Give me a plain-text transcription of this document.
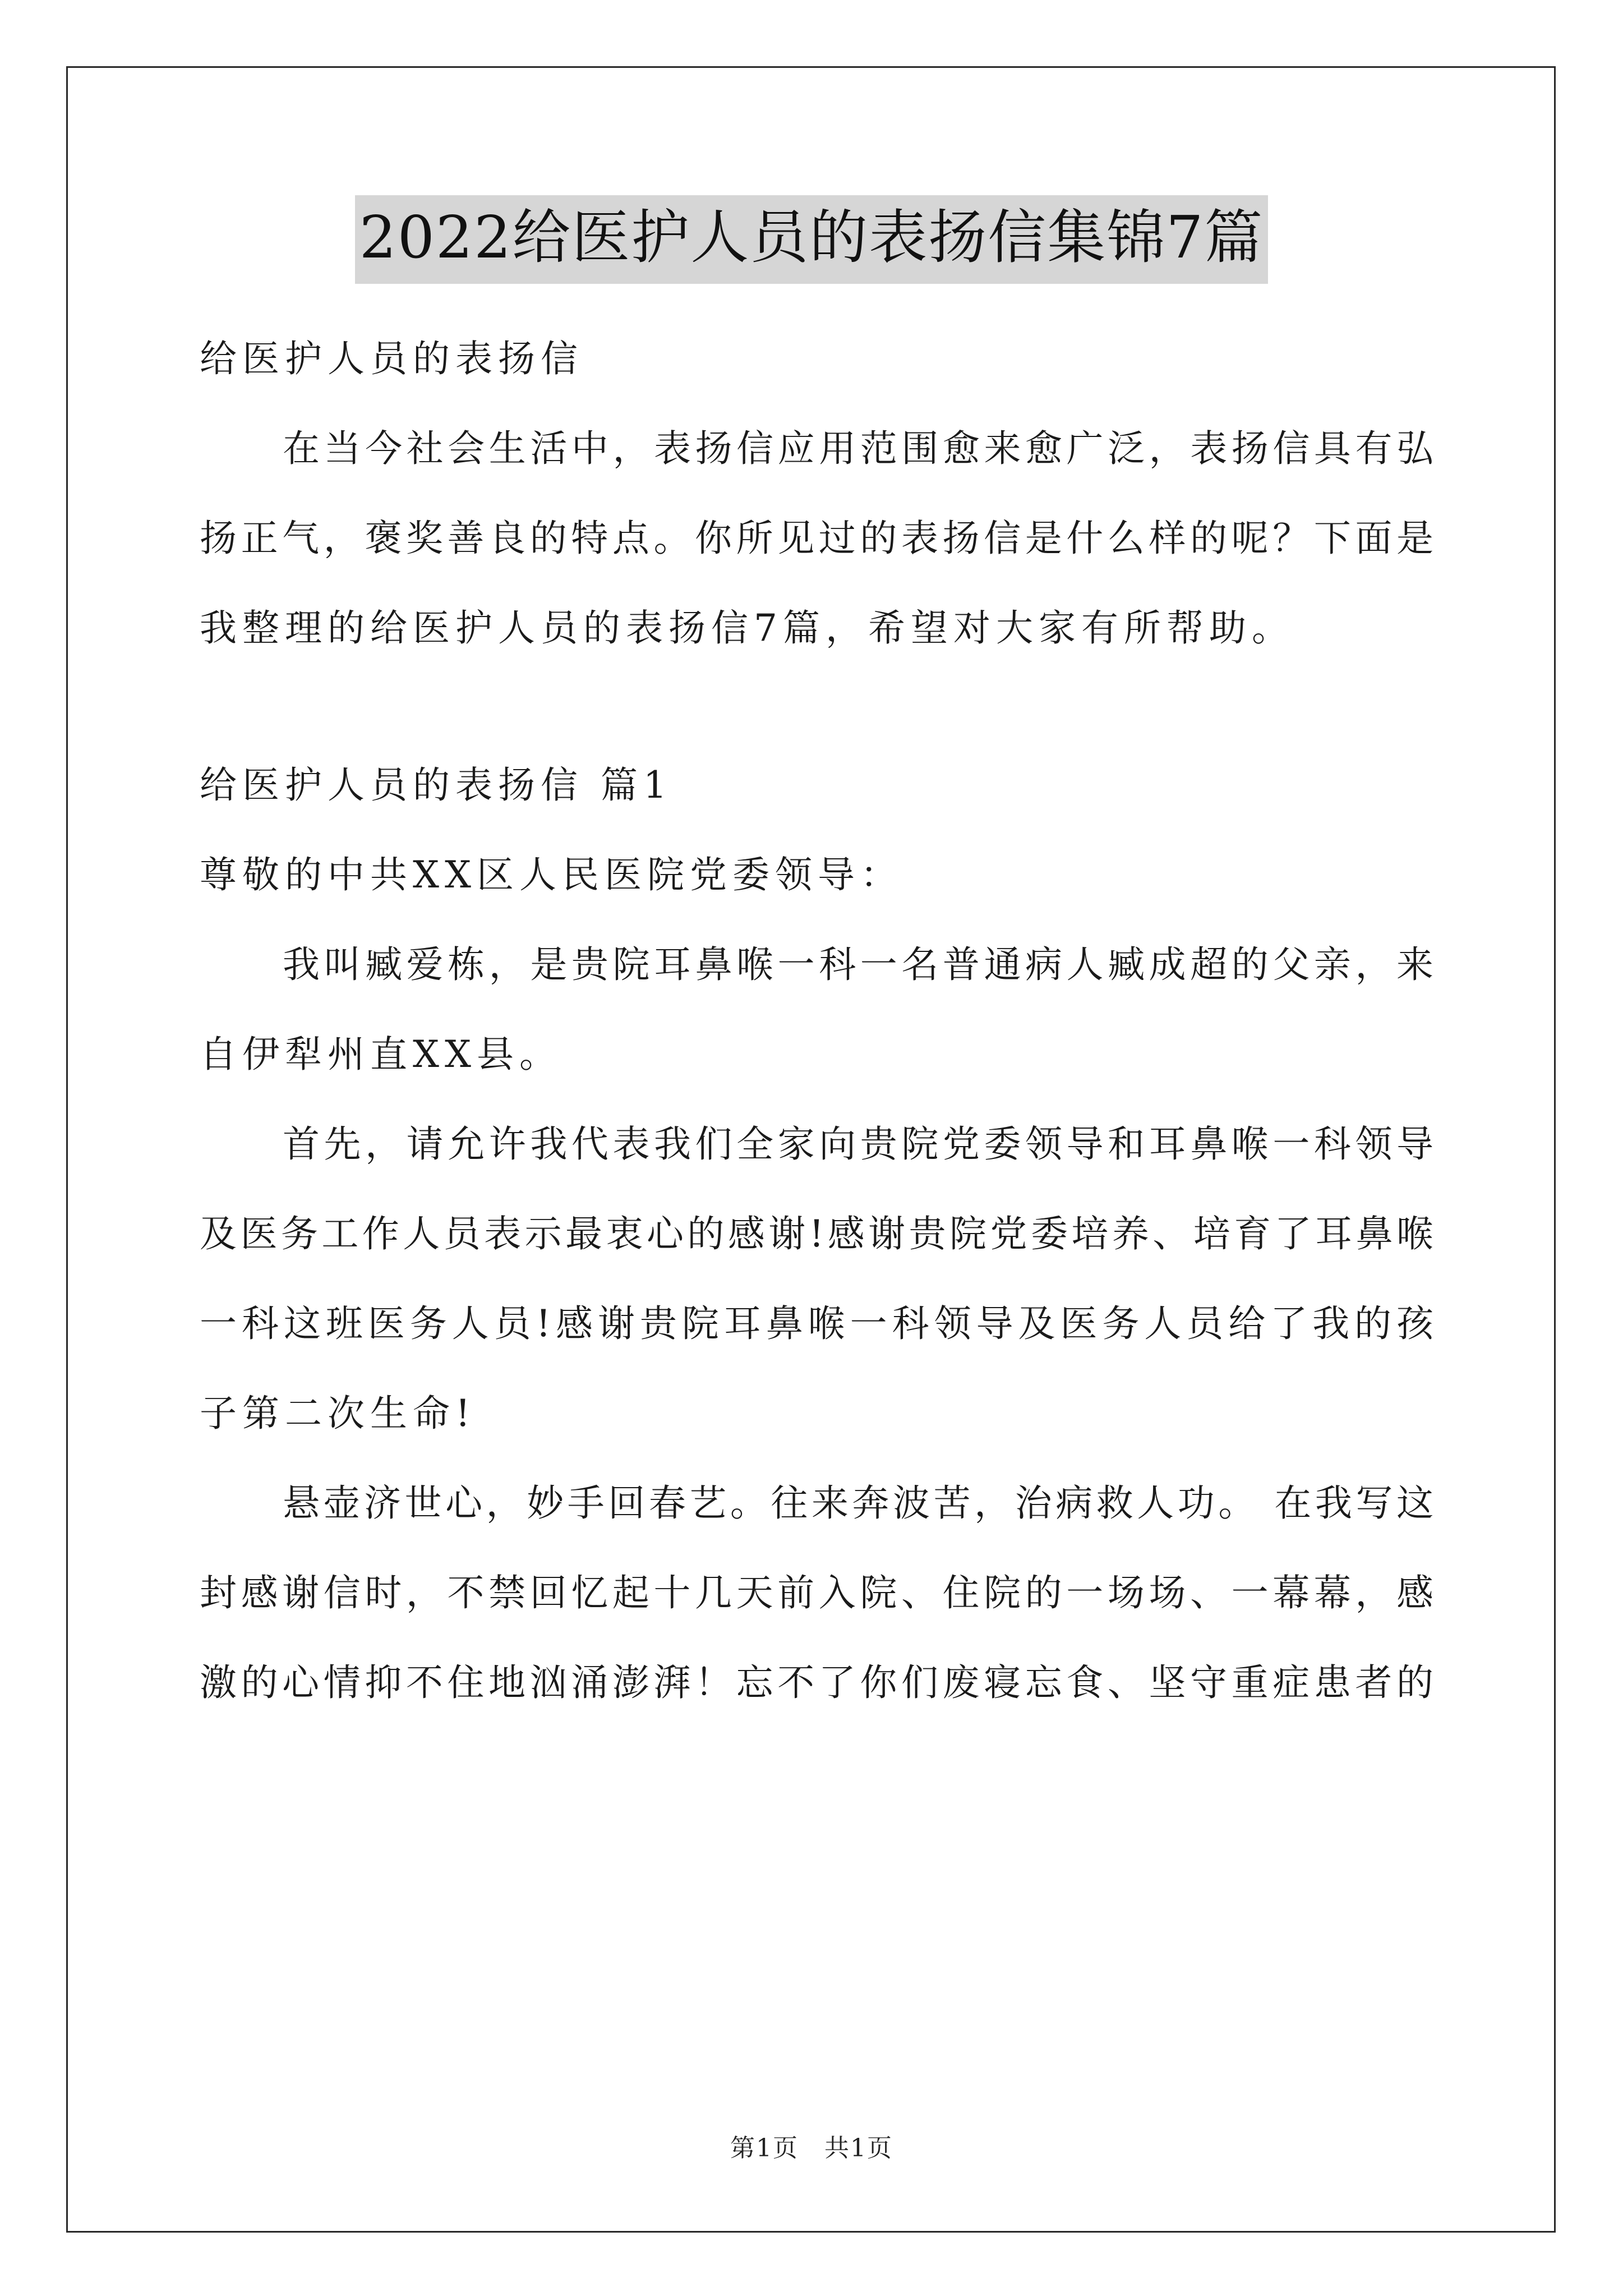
2022给医护人员的表扬信集锦7篇
给医护人员的表扬信
在当今社会生活中，表扬信应用范围愈来愈广泛，表扬信具有弘
扬正气，褒奖善良的特点。你所见过的表扬信是什么样的呢？下面是
我整理的给医护人员的表扬信7篇，希望对大家有所帮助。
给医护人员的表扬信 篇1
尊敬的中共XX区人民医院党委领导：
我叫臧爱栋，是贵院耳鼻喉一科一名普通病人臧成超的父亲，来
自伊犁州直XX县。
首先，请允许我代表我们全家向贵院党委领导和耳鼻喉一科领导
及医务工作人员表示最衷心的感谢!感谢贵院党委培养、培育了耳鼻喉
一科这班医务人员!感谢贵院耳鼻喉一科领导及医务人员给了我的孩
子第二次生命!
悬壶济世心，妙手回春艺。往来奔波苦，治病救人功。 在我写这
封感谢信时，不禁回忆起十几天前入院、住院的一场场、一幕幕，感
激的心情抑不住地汹涌澎湃！忘不了你们废寝忘食、坚守重症患者的
第1页　共1页
